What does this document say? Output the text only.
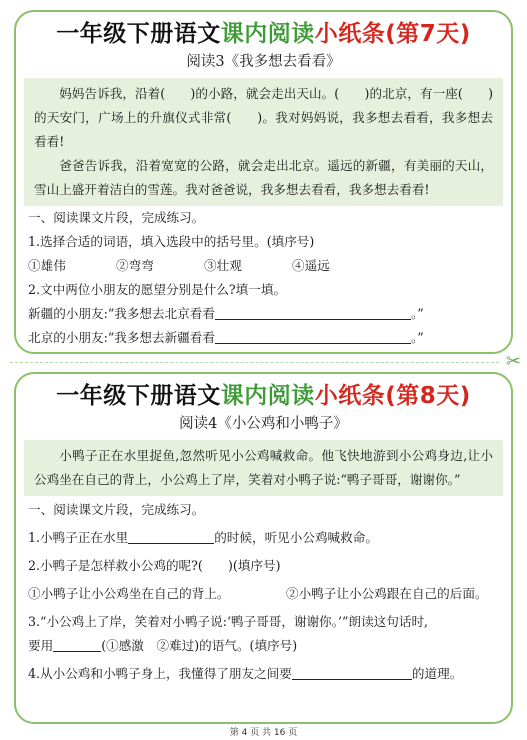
一年级下册语文课内阅读小纸条(第7天)
阅读3《我多想去看看》

妈妈告诉我，沿着(　　)的小路，就会走出天山。(　　)的北京，有一座(　　)的天安门，广场上的升旗仪式非常(　　)。我对妈妈说，我多想去看看，我多想去看看!

爸爸告诉我，沿着宽宽的公路，就会走出北京。遥远的新疆，有美丽的天山，雪山上盛开着洁白的雪莲。我对爸爸说，我多想去看看，我多想去看看!

一、阅读课文片段，完成练习。
1.选择合适的词语，填入选段中的括号里。(填序号)
①雄伟	②弯弯	③壮观	④遥远
2.文中两位小朋友的愿望分别是什么?填一填。
新疆的小朋友:“我多想去北京看看	。”
北京的小朋友:“我多想去新疆看看	。”
✂
一年级下册语文课内阅读小纸条(第8天)
阅读4《小公鸡和小鸭子》

小鸭子正在水里捉鱼,忽然听见小公鸡喊救命。他飞快地游到小公鸡身边,让小公鸡坐在自己的背上，小公鸡上了岸，笑着对小鸭子说:“鸭子哥哥，谢谢你。”

一、阅读课文片段，完成练习。
1.小鸭子正在水里	的时候，听见小公鸡喊救命。
2.小鸭子是怎样救小公鸡的呢?(　　)(填序号)
①小鸭子让小公鸡坐在自己的背上。	②小鸭子让小公鸡跟在自己的后面。
3.“小公鸡上了岸，笑着对小鸭子说:‘鸭子哥哥，谢谢你。’”朗读这句话时,
要用	(①感激　②难过)的语气。(填序号)
4.从小公鸡和小鸭子身上，我懂得了朋友之间要	的道理。
第 4 页 共 16 页
